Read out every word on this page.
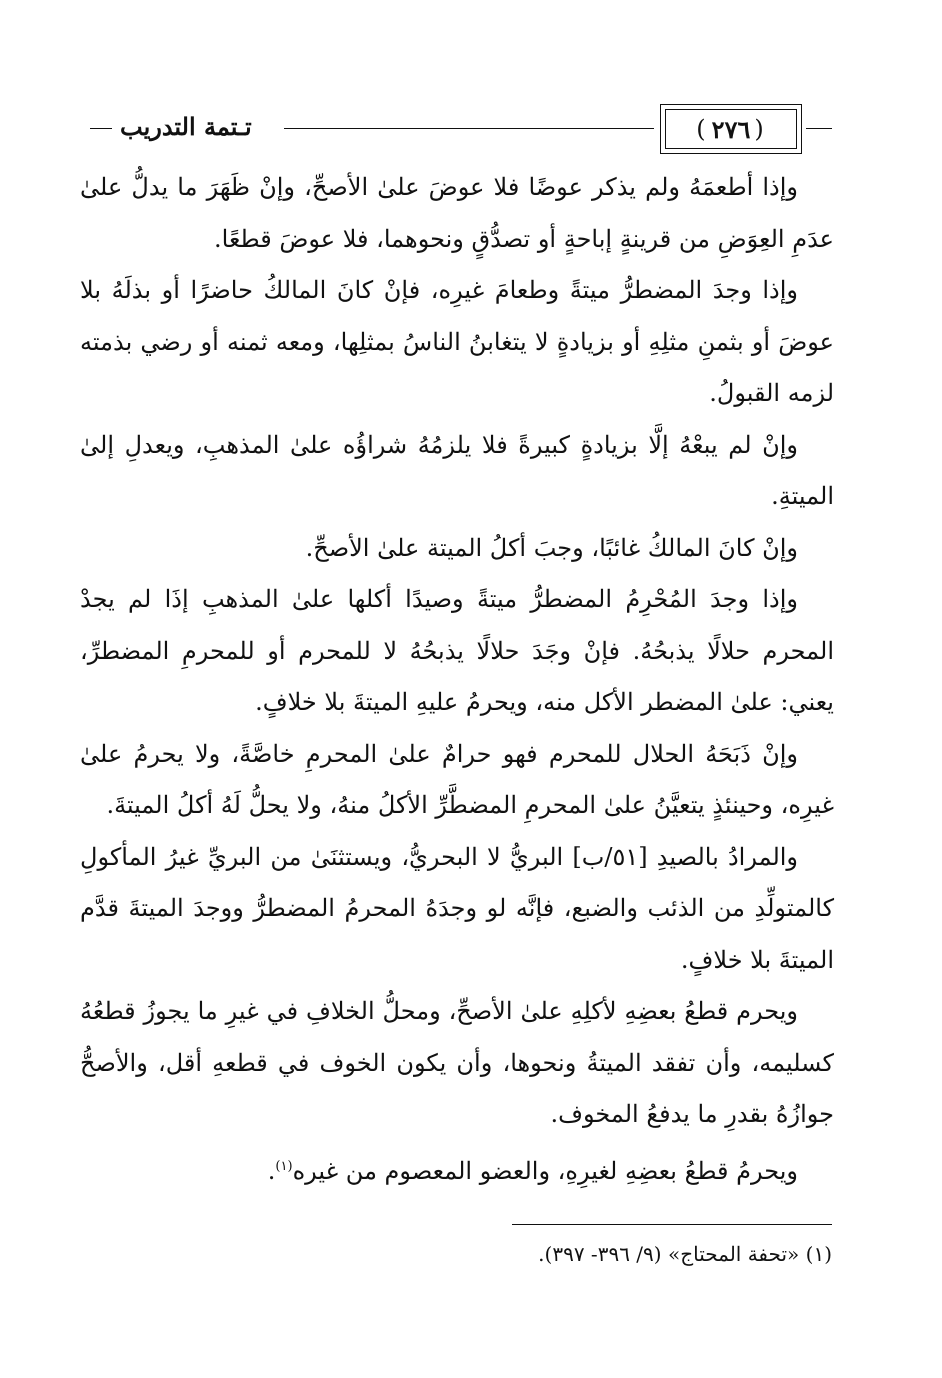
(
٢٧٦
)
تـتمة التدريب

وإذا أطعمَهُ ولم يذكر عوضًا فلا عوضَ علىٰ الأصحِّ، وإنْ ظَهَرَ ما يدلُّ علىٰ عدَمِ العِوَضِ من قرينةٍ إباحةٍ أو تصدُّقٍ ونحوهما، فلا عوضَ قطعًا.

وإذا وجدَ المضطرُّ ميتةً وطعامَ غيرِه، فإنْ كانَ المالكُ حاضرًا أو بذلَهُ بلا عوضَ أو بثمنِ مثلِهِ أو بزيادةٍ لا يتغابنُ الناسُ بمثلِها، ومعه ثمنه أو رضي بذمته لزمه القبولُ.

وإنْ لم يبعْهُ إلَّا بزيادةٍ كبيرةً فلا يلزمُهُ شراؤُه علىٰ المذهبِ، ويعدلِ إلىٰ الميتةِ.

وإنْ كانَ المالكُ غائبًا، وجبَ أكلُ الميتة علىٰ الأصحِّ.

وإذا وجدَ المُحْرِمُ المضطرُّ ميتةً وصيدًا أكلها علىٰ المذهبِ إذَا لم يجدْ المحرم حلالًا يذبحُهُ. فإنْ وجَدَ حلالًا يذبحُهُ لا للمحرم أو للمحرمِ المضطرِّ، يعني: علىٰ المضطر الأكل منه، ويحرمُ عليهِ الميتةَ بلا خلافٍ.

وإنْ ذَبَحَهُ الحلال للمحرم فهو حرامٌ علىٰ المحرمِ خاصَّةً، ولا يحرمُ علىٰ غيرِه، وحينئذٍ يتعيَّنُ علىٰ المحرمِ المضطَّرِّ الأكلُ منهُ، ولا يحلُّ لَهُ أكلُ الميتةَ.

والمرادُ بالصيدِ [٥١/ب] البريُّ لا البحريُّ، ويستثنَىٰ من البريِّ غيرُ المأكولِ كالمتولِّدِ من الذئب والضبع، فإنَّه لو وجدَهُ المحرمُ المضطرُّ ووجدَ الميتةَ قدَّم الميتةَ بلا خلافٍ.

ويحرم قطعُ بعضِهِ لأكلِهِ علىٰ الأصحِّ، ومحلُّ الخلافِ في غيرِ ما يجوزُ قطعُهُ كسليمه، وأن تفقد الميتةُ ونحوها، وأن يكون الخوف في قطعهِ أقل، والأصحُّ جوازُهُ بقدرِ ما يدفعُ المخوف.

ويحرمُ قطعُ بعضِهِ لغيرِهِ، والعضو المعصوم من غيره$^{(١)}$.

(١) «تحفة المحتاج» (٩/ ٣٩٦- ٣٩٧).
